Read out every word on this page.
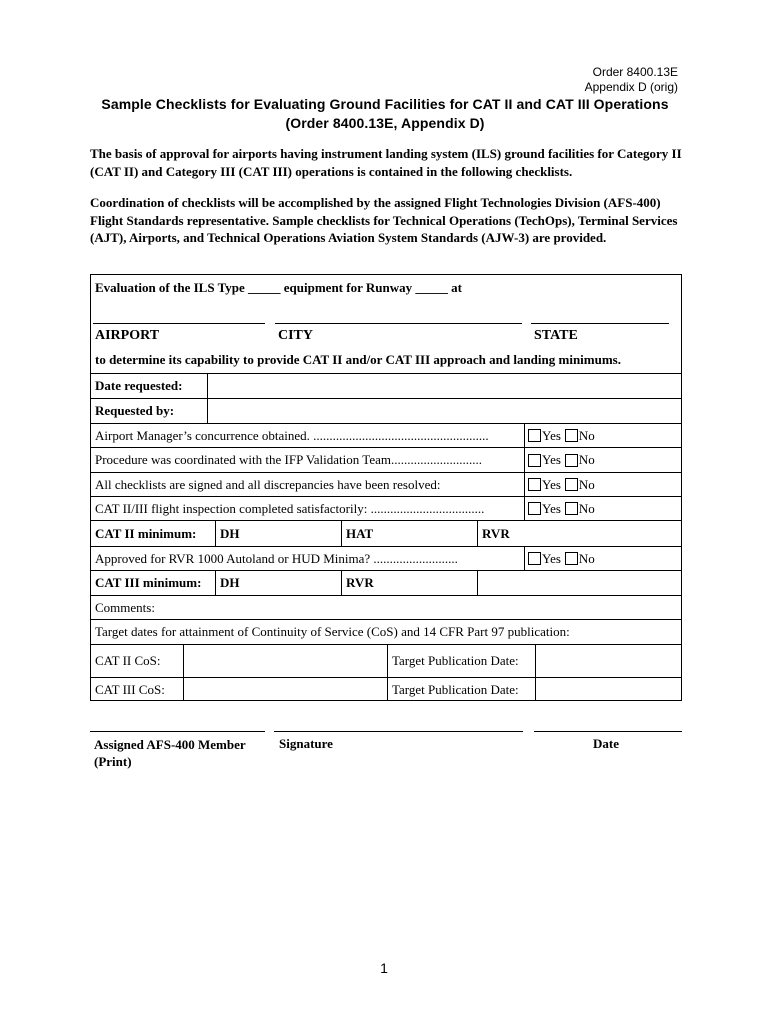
Order 8400.13E
Appendix D (orig)
Sample Checklists for Evaluating Ground Facilities for CAT II and CAT III Operations (Order 8400.13E, Appendix D)
The basis of approval for airports having instrument landing system (ILS) ground facilities for Category II (CAT II) and Category III (CAT III) operations is contained in the following checklists.
Coordination of checklists will be accomplished by the assigned Flight Technologies Division (AFS-400) Flight Standards representative. Sample checklists for Technical Operations (TechOps), Terminal Services (AJT), Airports, and Technical Operations Aviation System Standards (AJW-3) are provided.
Evaluation of the ILS Type _____ equipment for Runway _____ at
AIRPORT	CITY	STATE
to determine its capability to provide CAT II and/or CAT III approach and landing minimums.
Date requested:
Requested by:
Airport Manager’s concurrence obtained. ......................................................	Yes No
Procedure was coordinated with the IFP Validation Team............................	Yes No
All checklists are signed and all discrepancies have been resolved:	Yes No
CAT II/III flight inspection completed satisfactorily: ...................................	Yes No
CAT II minimum:	DH	HAT	RVR
Approved for RVR 1000 Autoland or HUD Minima? ..........................	Yes No
CAT III minimum:	DH	RVR
Comments:
Target dates for attainment of Continuity of Service (CoS) and 14 CFR Part 97 publication:
CAT II CoS:	Target Publication Date:
CAT III CoS:	Target Publication Date:
Assigned AFS-400 Member (Print)
Signature	Date
1
